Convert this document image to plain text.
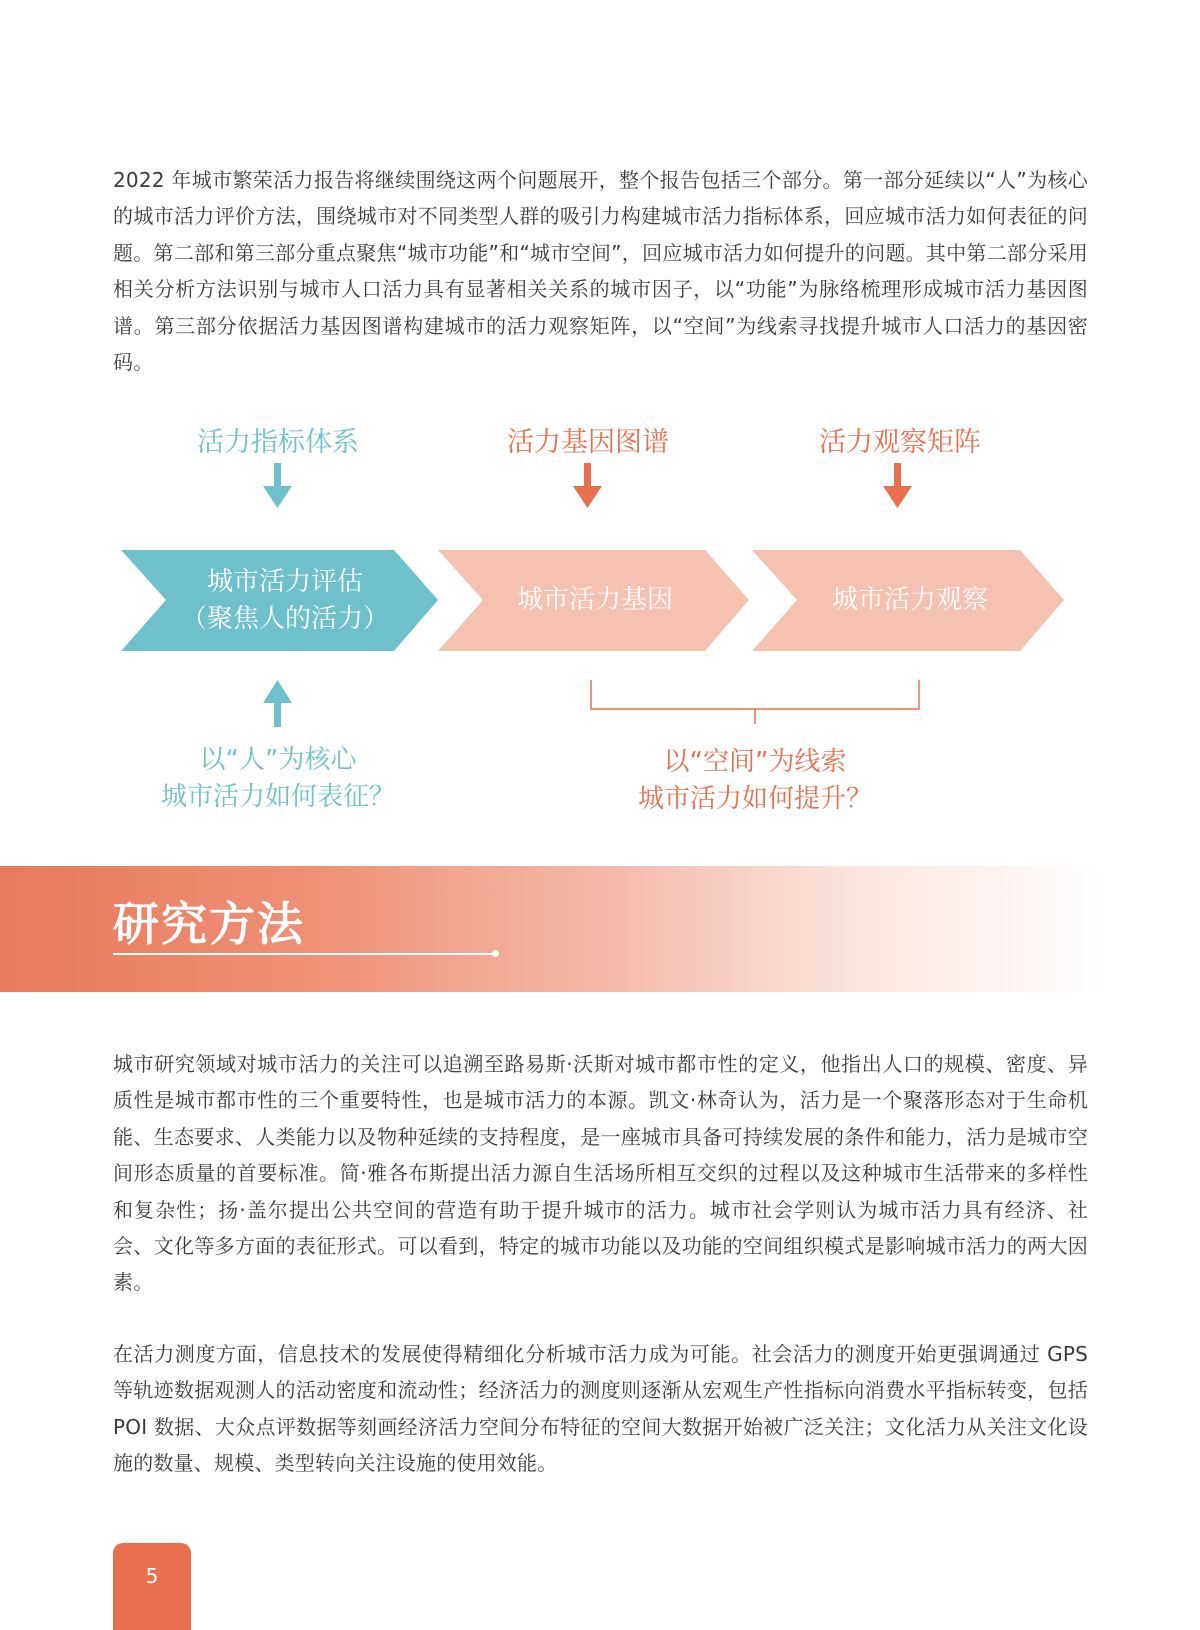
2022 年城市繁荣活力报告将继续围绕这两个问题展开，整个报告包括三个部分。第一部分延续以“人”为核心的城市活力评价方法，围绕城市对不同类型人群的吸引力构建城市活力指标体系，回应城市活力如何表征的问题。第二部和第三部分重点聚焦“城市功能”和“城市空间”，回应城市活力如何提升的问题。其中第二部分采用相关分析方法识别与城市人口活力具有显著相关关系的城市因子，以“功能”为脉络梳理形成城市活力基因图谱。第三部分依据活力基因图谱构建城市的活力观察矩阵，以“空间”为线索寻找提升城市人口活力的基因密码。

活力指标体系	活力基因图谱	活力观察矩阵
城市活力评估
（聚焦人的活力）
城市活力基因	城市活力观察
以“人”为核心
城市活力如何表征？
以“空间”为线索
城市活力如何提升？
研究方法

城市研究领域对城市活力的关注可以追溯至路易斯·沃斯对城市都市性的定义，他指出人口的规模、密度、异质性是城市都市性的三个重要特性，也是城市活力的本源。凯文·林奇认为，活力是一个聚落形态对于生命机能、生态要求、人类能力以及物种延续的支持程度，是一座城市具备可持续发展的条件和能力，活力是城市空间形态质量的首要标准。简·雅各布斯提出活力源自生活场所相互交织的过程以及这种城市生活带来的多样性和复杂性；扬·盖尔提出公共空间的营造有助于提升城市的活力。城市社会学则认为城市活力具有经济、社会、文化等多方面的表征形式。可以看到，特定的城市功能以及功能的空间组织模式是影响城市活力的两大因素。

在活力测度方面，信息技术的发展使得精细化分析城市活力成为可能。社会活力的测度开始更强调通过 GPS 等轨迹数据观测人的活动密度和流动性；经济活力的测度则逐渐从宏观生产性指标向消费水平指标转变，包括 POI 数据、大众点评数据等刻画经济活力空间分布特征的空间大数据开始被广泛关注；文化活力从关注文化设施的数量、规模、类型转向关注设施的使用效能。

5
